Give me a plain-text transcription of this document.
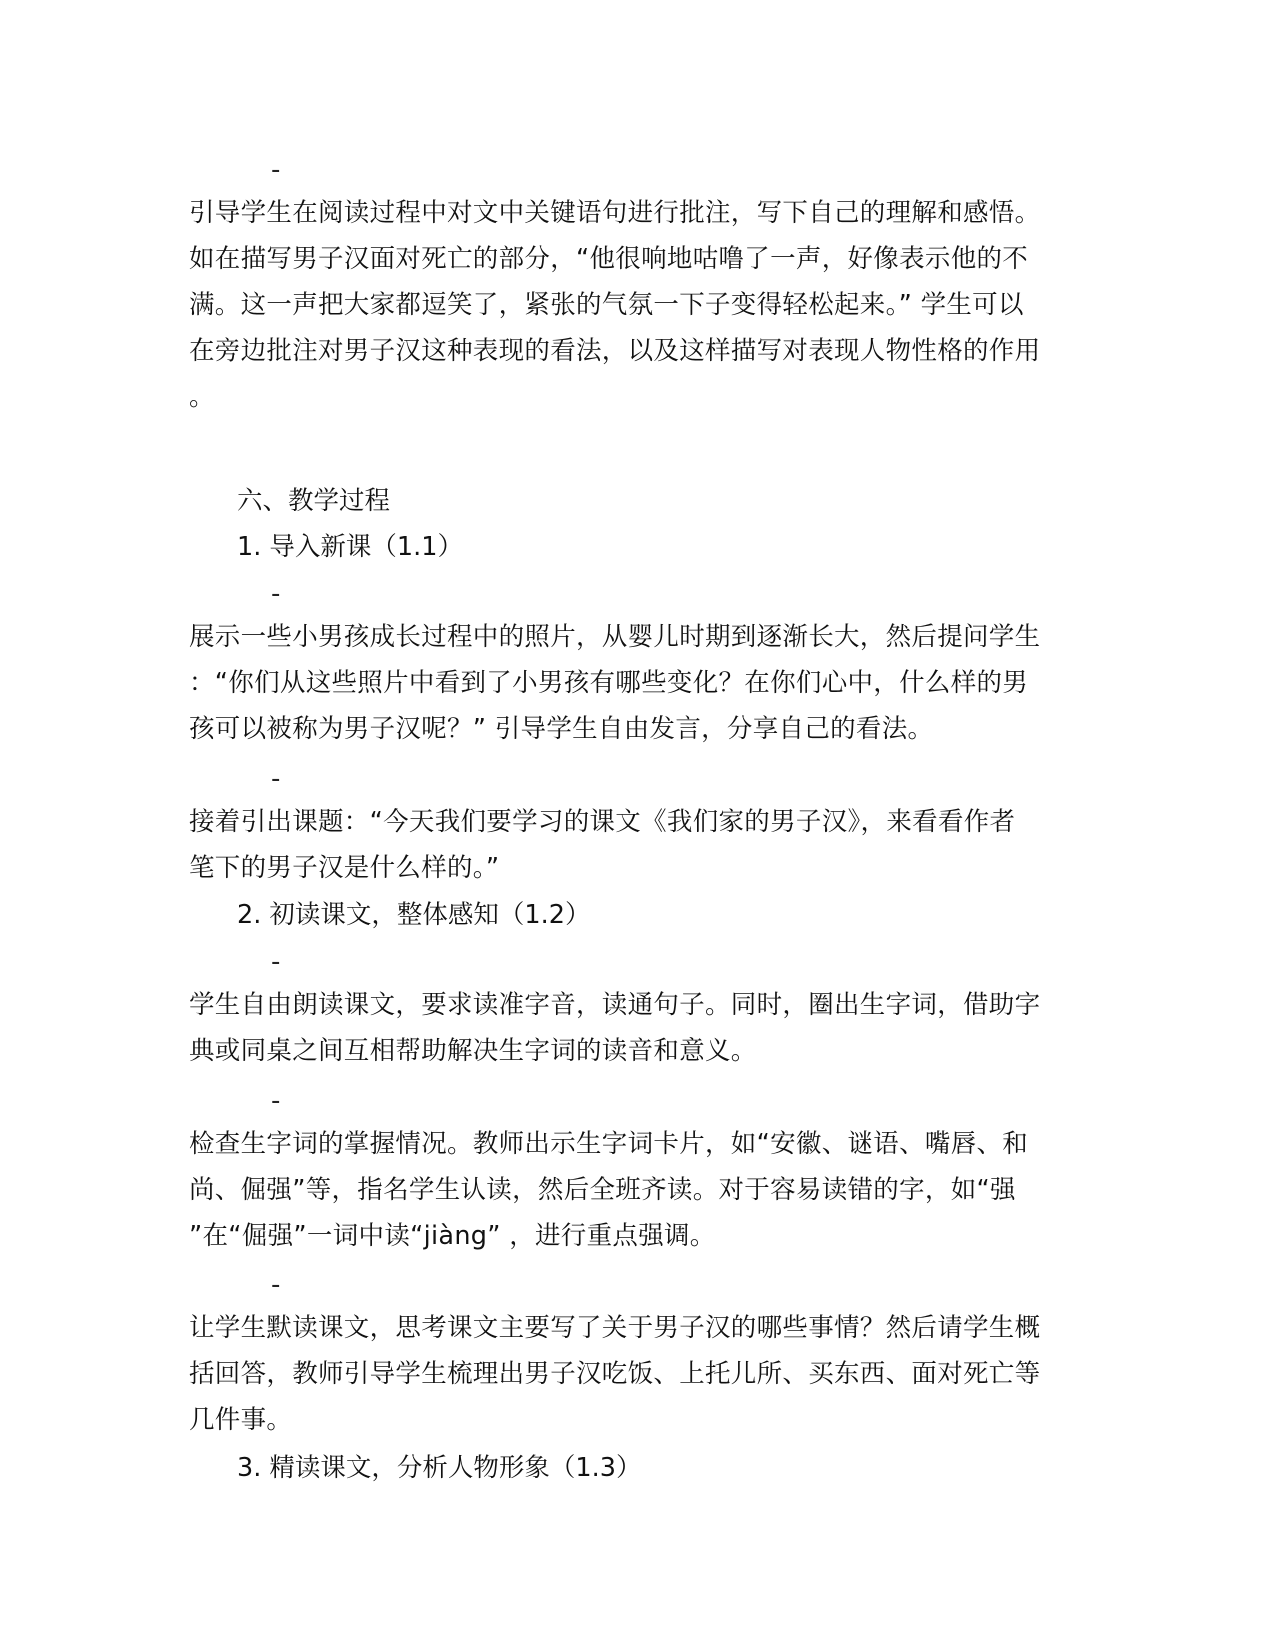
-
引导学生在阅读过程中对文中关键语句进行批注，写下自己的理解和感悟。
如在描写男子汉面对死亡的部分，“他很响地咕噜了一声，好像表示他的不
满。这一声把大家都逗笑了，紧张的气氛一下子变得轻松起来。” 学生可以
在旁边批注对男子汉这种表现的看法，以及这样描写对表现人物性格的作用
。
六、教学过程
1. 导入新课（1.1）
-
展示一些小男孩成长过程中的照片，从婴儿时期到逐渐长大，然后提问学生
：“你们从这些照片中看到了小男孩有哪些变化？在你们心中，什么样的男
孩可以被称为男子汉呢？” 引导学生自由发言，分享自己的看法。
-
接着引出课题：“今天我们要学习的课文《我们家的男子汉》，来看看作者
笔下的男子汉是什么样的。”
2. 初读课文，整体感知（1.2）
-
学生自由朗读课文，要求读准字音，读通句子。同时，圈出生字词，借助字
典或同桌之间互相帮助解决生字词的读音和意义。
-
检查生字词的掌握情况。教师出示生字词卡片，如“安徽、谜语、嘴唇、和
尚、倔强”等，指名学生认读，然后全班齐读。对于容易读错的字，如“强
”在“倔强”一词中读“jiàng” ，进行重点强调。
-
让学生默读课文，思考课文主要写了关于男子汉的哪些事情？然后请学生概
括回答，教师引导学生梳理出男子汉吃饭、上托儿所、买东西、面对死亡等
几件事。
3. 精读课文，分析人物形象（1.3）
